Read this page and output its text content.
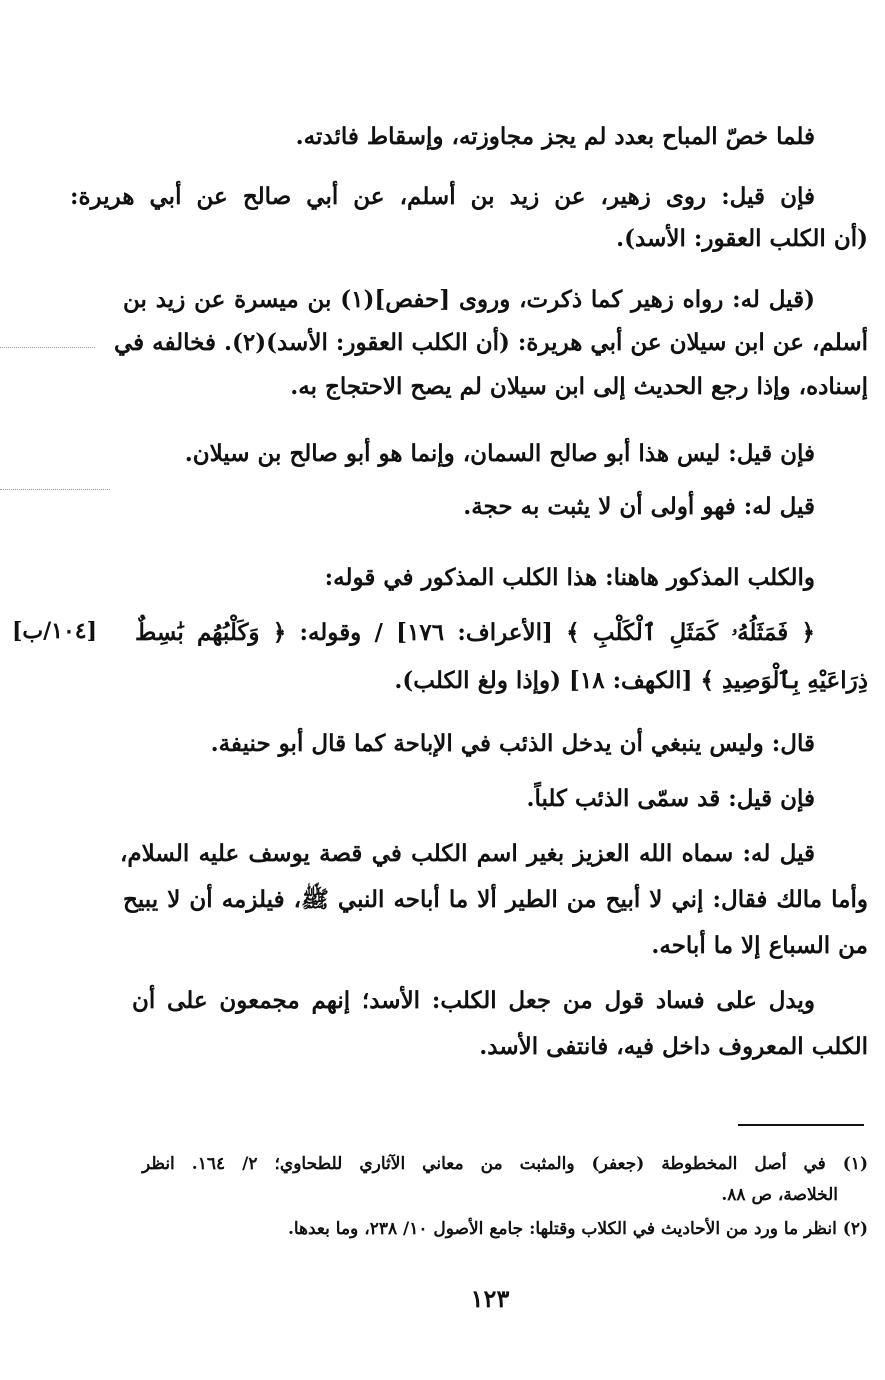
فلما خصّ المباح بعدد لم يجز مجاوزته، وإسقاط فائدته.
فإن قيل: روى زهير، عن زيد بن أسلم، عن أبي صالح عن أبي هريرة:
(أن الكلب العقور: الأسد).
(قيل له: رواه زهير كما ذكرت، وروى [حفص](١) بن ميسرة عن زيد بن
أسلم، عن ابن سيلان عن أبي هريرة: (أن الكلب العقور: الأسد)(٢). فخالفه في
إسناده، وإذا رجع الحديث إلى ابن سيلان لم يصح الاحتجاج به.
فإن قيل: ليس هذا أبو صالح السمان، وإنما هو أبو صالح بن سيلان.
قيل له: فهو أولى أن لا يثبت به حجة.
والكلب المذكور هاهنا: هذا الكلب المذكور في قوله:
﴿ فَمَثَلُهُۥ كَمَثَلِ ٱلْكَلْبِ ﴾ [الأعراف: ١٧٦] / وقوله: ﴿ وَكَلْبُهُم بَٰسِطٌ
[١٠٤/ب]
ذِرَاعَيْهِ بِٱلْوَصِيدِ ﴾ [الكهف: ١٨] (وإذا ولغ الكلب).
قال: وليس ينبغي أن يدخل الذئب في الإباحة كما قال أبو حنيفة.
فإن قيل: قد سمّى الذئب كلباً.
قيل له: سماه الله العزيز بغير اسم الكلب في قصة يوسف عليه السلام،
وأما مالك فقال: إني لا أبيح من الطير ألا ما أباحه النبي ﷺ، فيلزمه أن لا يبيح
من السباع إلا ما أباحه.
ويدل على فساد قول من جعل الكلب: الأسد؛ إنهم مجمعون على أن
الكلب المعروف داخل فيه، فانتفى الأسد.
(١) في أصل المخطوطة (جعفر) والمثبت من معاني الآثاري للطحاوي؛ ٢/ ١٦٤. انظر
الخلاصة، ص ٨٨.
(٢) انظر ما ورد من الأحاديث في الكلاب وقتلها: جامع الأصول ١٠/ ٢٣٨، وما بعدها.
١٢٣
